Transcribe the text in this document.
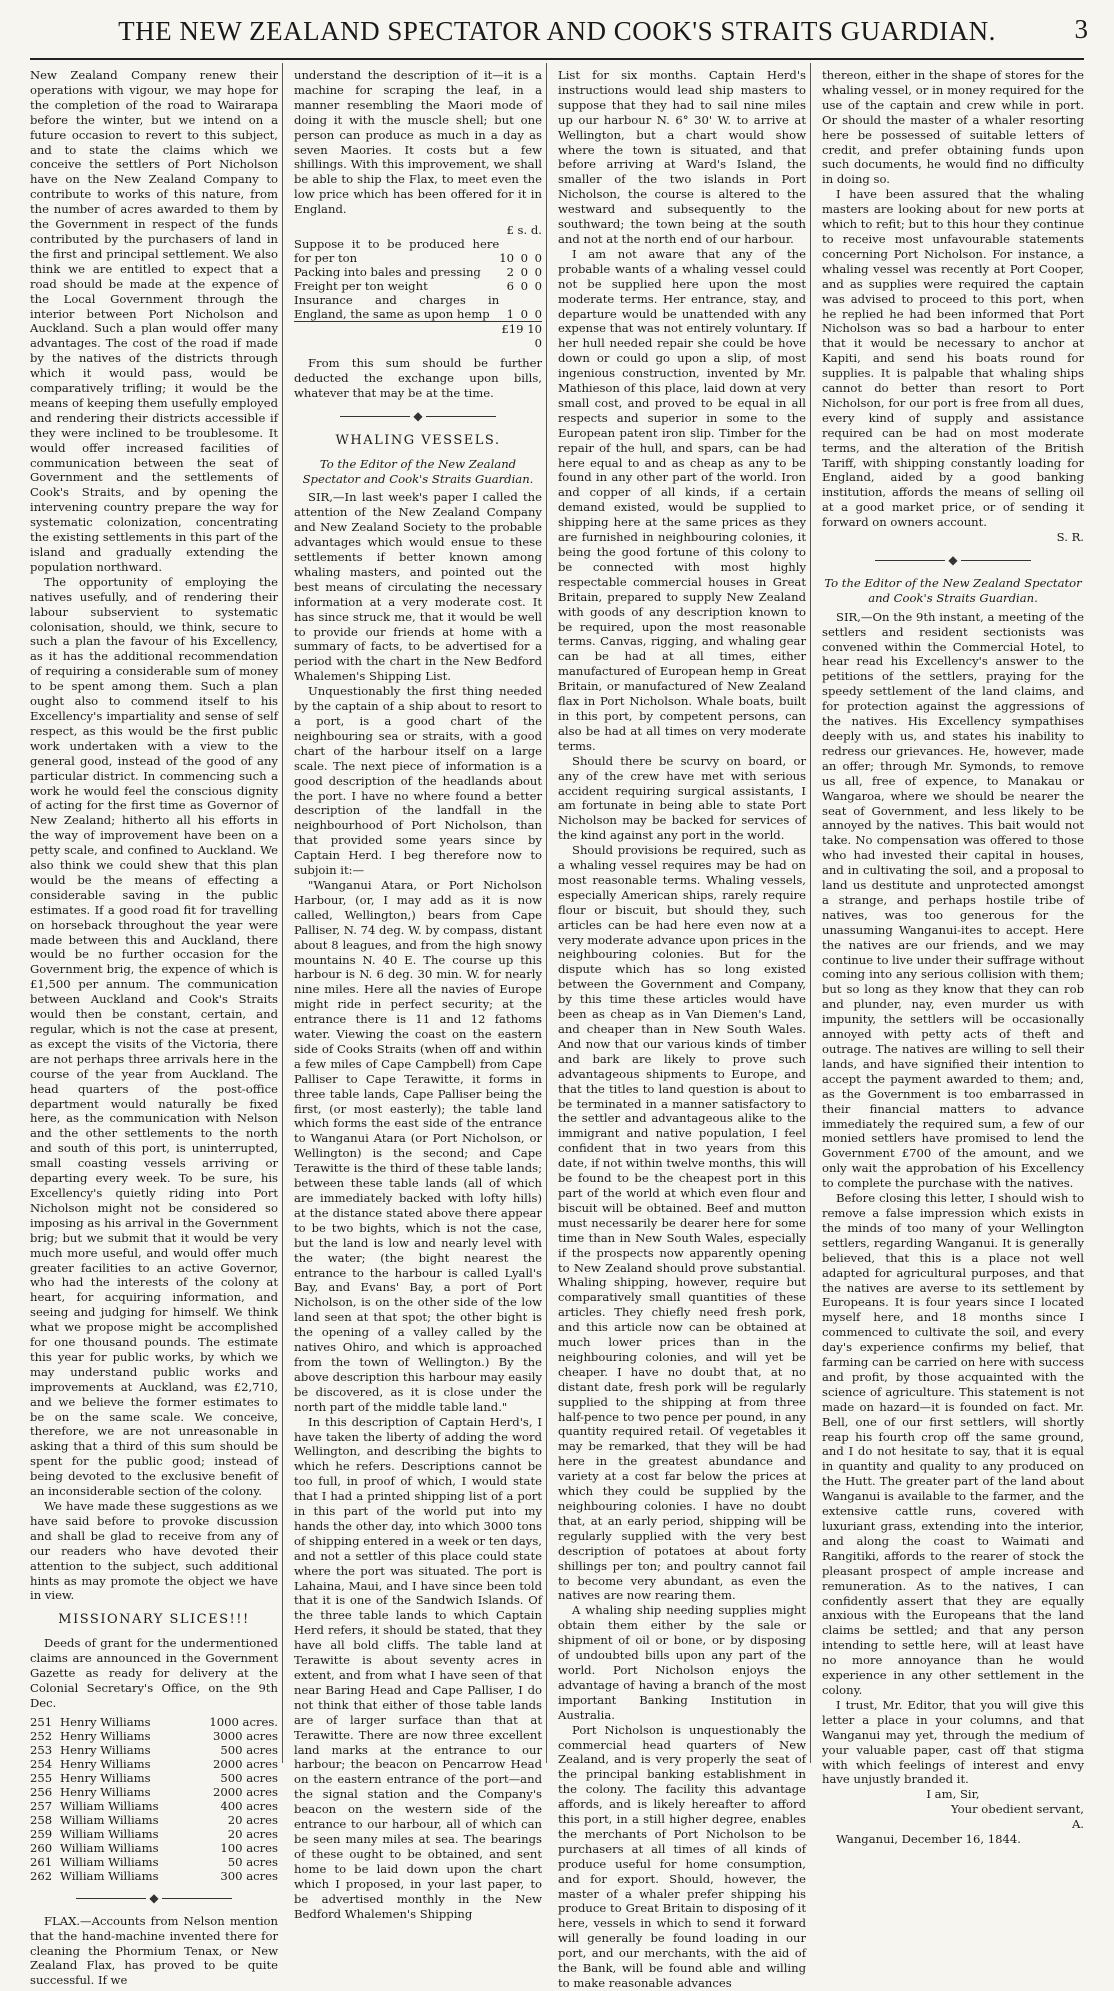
THE NEW ZEALAND SPECTATOR AND COOK'S STRAITS GUARDIAN.	3

New Zealand Company renew their operations with vigour, we may hope for the completion of the road to Wairarapa before the winter, but we intend on a future occasion to revert to this subject, and to state the claims which we conceive the settlers of Port Nicholson have on the New Zealand Company to contribute to works of this nature, from the number of acres awarded to them by the Government in respect of the funds contributed by the purchasers of land in the first and principal settlement. We also think we are entitled to expect that a road should be made at the expence of the Local Government through the interior between Port Nicholson and Auckland. Such a plan would offer many advantages. The cost of the road if made by the natives of the districts through which it would pass, would be comparatively trifling; it would be the means of keeping them usefully employed and rendering their districts accessible if they were inclined to be troublesome. It would offer increased facilities of communication between the seat of Government and the settlements of Cook's Straits, and by opening the intervening country prepare the way for systematic colonization, concentrating the existing settlements in this part of the island and gradually extending the population northward.

The opportunity of employing the natives usefully, and of rendering their labour subservient to systematic colonisation, should, we think, secure to such a plan the favour of his Excellency, as it has the additional recommendation of requiring a considerable sum of money to be spent among them. Such a plan ought also to commend itself to his Excellency's impartiality and sense of self respect, as this would be the first public work undertaken with a view to the general good, instead of the good of any particular district. In commencing such a work he would feel the conscious dignity of acting for the first time as Governor of New Zealand; hitherto all his efforts in the way of improvement have been on a petty scale, and confined to Auckland. We also think we could shew that this plan would be the means of effecting a considerable saving in the public estimates. If a good road fit for travelling on horseback throughout the year were made between this and Auckland, there would be no further occasion for the Government brig, the expence of which is £1,500 per annum. The communication between Auckland and Cook's Straits would then be constant, certain, and regular, which is not the case at present, as except the visits of the Victoria, there are not perhaps three arrivals here in the course of the year from Auckland. The head quarters of the post-office department would naturally be fixed here, as the communication with Nelson and the other settlements to the north and south of this port, is uninterrupted, small coasting vessels arriving or departing every week. To be sure, his Excellency's quietly riding into Port Nicholson might not be considered so imposing as his arrival in the Government brig; but we submit that it would be very much more useful, and would offer much greater facilities to an active Governor, who had the interests of the colony at heart, for acquiring information, and seeing and judging for himself. We think what we propose might be accomplished for one thousand pounds. The estimate this year for public works, by which we may understand public works and improvements at Auckland, was £2,710, and we believe the former estimates to be on the same scale. We conceive, therefore, we are not unreasonable in asking that a third of this sum should be spent for the public good; instead of being devoted to the exclusive benefit of an inconsiderable section of the colony.

We have made these suggestions as we have said before to provoke discussion and shall be glad to receive from any of our readers who have devoted their attention to the subject, such additional hints as may promote the object we have in view.

MISSIONARY SLICES!!!

Deeds of grant for the undermentioned claims are announced in the Government Gazette as ready for delivery at the Colonial Secretary's Office, on the 9th Dec.

251	Henry Williams	1000 acres.
252	Henry Williams	3000 acres
253	Henry Williams	500 acres
254	Henry Williams	2000 acres
255	Henry Williams	500 acres
256	Henry Williams	2000 acres
257	William Williams	400 acres
258	William Williams	20 acres
259	William Williams	20 acres
260	William Williams	100 acres
261	William Williams	50 acres
262	William Williams	300 acres
◆

FLAX.—Accounts from Nelson mention that the hand-machine invented there for cleaning the Phormium Tenax, or New Zealand Flax, has proved to be quite successful. If we

understand the description of it—it is a machine for scraping the leaf, in a manner resembling the Maori mode of doing it with the muscle shell; but one person can produce as much in a day as seven Maories. It costs but a few shillings. With this improvement, we shall be able to ship the Flax, to meet even the low price which has been offered for it in England.

	£ s. d.		
Suppose it to be produced here for per ton	10	0	0
Packing into bales and pressing	2	0	0
Freight per ton weight	6	0	0
Insurance and charges in England, the same as upon hemp	1	0	0
	£19 10 0		

From this sum should be further deducted the exchange upon bills, whatever that may be at the time.

◆
WHALING VESSELS.

To the Editor of the New Zealand Spectator and Cook's Straits Guardian.

SIR,—In last week's paper I called the attention of the New Zealand Company and New Zealand Society to the probable advantages which would ensue to these settlements if better known among whaling masters, and pointed out the best means of circulating the necessary information at a very moderate cost. It has since struck me, that it would be well to provide our friends at home with a summary of facts, to be advertised for a period with the chart in the New Bedford Whalemen's Shipping List.

Unquestionably the first thing needed by the captain of a ship about to resort to a port, is a good chart of the neighbouring sea or straits, with a good chart of the harbour itself on a large scale. The next piece of information is a good description of the headlands about the port. I have no where found a better description of the landfall in the neighbourhood of Port Nicholson, than that provided some years since by Captain Herd. I beg therefore now to subjoin it:—

"Wanganui Atara, or Port Nicholson Harbour, (or, I may add as it is now called, Wellington,) bears from Cape Palliser, N. 74 deg. W. by compass, distant about 8 leagues, and from the high snowy mountains N. 40 E. The course up this harbour is N. 6 deg. 30 min. W. for nearly nine miles. Here all the navies of Europe might ride in perfect security; at the entrance there is 11 and 12 fathoms water. Viewing the coast on the eastern side of Cooks Straits (when off and within a few miles of Cape Campbell) from Cape Palliser to Cape Terawitte, it forms in three table lands, Cape Palliser being the first, (or most easterly); the table land which forms the east side of the entrance to Wanganui Atara (or Port Nicholson, or Wellington) is the second; and Cape Terawitte is the third of these table lands; between these table lands (all of which are immediately backed with lofty hills) at the distance stated above there appear to be two bights, which is not the case, but the land is low and nearly level with the water; (the bight nearest the entrance to the harbour is called Lyall's Bay, and Evans' Bay, a port of Port Nicholson, is on the other side of the low land seen at that spot; the other bight is the opening of a valley called by the natives Ohiro, and which is approached from the town of Wellington.) By the above description this harbour may easily be discovered, as it is close under the north part of the middle table land."

In this description of Captain Herd's, I have taken the liberty of adding the word Wellington, and describing the bights to which he refers. Descriptions cannot be too full, in proof of which, I would state that I had a printed shipping list of a port in this part of the world put into my hands the other day, into which 3000 tons of shipping entered in a week or ten days, and not a settler of this place could state where the port was situated. The port is Lahaina, Maui, and I have since been told that it is one of the Sandwich Islands. Of the three table lands to which Captain Herd refers, it should be stated, that they have all bold cliffs. The table land at Terawitte is about seventy acres in extent, and from what I have seen of that near Baring Head and Cape Palliser, I do not think that either of those table lands are of larger surface than that at Terawitte. There are now three excellent land marks at the entrance to our harbour; the beacon on Pencarrow Head on the eastern entrance of the port—and the signal station and the Company's beacon on the western side of the entrance to our harbour, all of which can be seen many miles at sea. The bearings of these ought to be obtained, and sent home to be laid down upon the chart which I proposed, in your last paper, to be advertised monthly in the New Bedford Whalemen's Shipping

List for six months. Captain Herd's instructions would lead ship masters to suppose that they had to sail nine miles up our harbour N. 6° 30' W. to arrive at Wellington, but a chart would show where the town is situated, and that before arriving at Ward's Island, the smaller of the two islands in Port Nicholson, the course is altered to the westward and subsequently to the southward; the town being at the south and not at the north end of our harbour.

I am not aware that any of the probable wants of a whaling vessel could not be supplied here upon the most moderate terms. Her entrance, stay, and departure would be unattended with any expense that was not entirely voluntary. If her hull needed repair she could be hove down or could go upon a slip, of most ingenious construction, invented by Mr. Mathieson of this place, laid down at very small cost, and proved to be equal in all respects and superior in some to the European patent iron slip. Timber for the repair of the hull, and spars, can be had here equal to and as cheap as any to be found in any other part of the world. Iron and copper of all kinds, if a certain demand existed, would be supplied to shipping here at the same prices as they are furnished in neighbouring colonies, it being the good fortune of this colony to be connected with most highly respectable commercial houses in Great Britain, prepared to supply New Zealand with goods of any description known to be required, upon the most reasonable terms. Canvas, rigging, and whaling gear can be had at all times, either manufactured of European hemp in Great Britain, or manufactured of New Zealand flax in Port Nicholson. Whale boats, built in this port, by competent persons, can also be had at all times on very moderate terms.

Should there be scurvy on board, or any of the crew have met with serious accident requiring surgical assistants, I am fortunate in being able to state Port Nicholson may be backed for services of the kind against any port in the world.

Should provisions be required, such as a whaling vessel requires may be had on most reasonable terms. Whaling vessels, especially American ships, rarely require flour or biscuit, but should they, such articles can be had here even now at a very moderate advance upon prices in the neighbouring colonies. But for the dispute which has so long existed between the Government and Company, by this time these articles would have been as cheap as in Van Diemen's Land, and cheaper than in New South Wales. And now that our various kinds of timber and bark are likely to prove such advantageous shipments to Europe, and that the titles to land question is about to be terminated in a manner satisfactory to the settler and advantageous alike to the immigrant and native population, I feel confident that in two years from this date, if not within twelve months, this will be found to be the cheapest port in this part of the world at which even flour and biscuit will be obtained. Beef and mutton must necessarily be dearer here for some time than in New South Wales, especially if the prospects now apparently opening to New Zealand should prove substantial. Whaling shipping, however, require but comparatively small quantities of these articles. They chiefly need fresh pork, and this article now can be obtained at much lower prices than in the neighbouring colonies, and will yet be cheaper. I have no doubt that, at no distant date, fresh pork will be regularly supplied to the shipping at from three half-pence to two pence per pound, in any quantity required retail. Of vegetables it may be remarked, that they will be had here in the greatest abundance and variety at a cost far below the prices at which they could be supplied by the neighbouring colonies. I have no doubt that, at an early period, shipping will be regularly supplied with the very best description of potatoes at about forty shillings per ton; and poultry cannot fail to become very abundant, as even the natives are now rearing them.

A whaling ship needing supplies might obtain them either by the sale or shipment of oil or bone, or by disposing of undoubted bills upon any part of the world. Port Nicholson enjoys the advantage of having a branch of the most important Banking Institution in Australia.

Port Nicholson is unquestionably the commercial head quarters of New Zealand, and is very properly the seat of the principal banking establishment in the colony. The facility this advantage affords, and is likely hereafter to afford this port, in a still higher degree, enables the merchants of Port Nicholson to be purchasers at all times of all kinds of produce useful for home consumption, and for export. Should, however, the master of a whaler prefer shipping his produce to Great Britain to disposing of it here, vessels in which to send it forward will generally be found loading in our port, and our merchants, with the aid of the Bank, will be found able and willing to make reasonable advances

thereon, either in the shape of stores for the whaling vessel, or in money required for the use of the captain and crew while in port. Or should the master of a whaler resorting here be possessed of suitable letters of credit, and prefer obtaining funds upon such documents, he would find no difficulty in doing so.

I have been assured that the whaling masters are looking about for new ports at which to refit; but to this hour they continue to receive most unfavourable statements concerning Port Nicholson. For instance, a whaling vessel was recently at Port Cooper, and as supplies were required the captain was advised to proceed to this port, when he replied he had been informed that Port Nicholson was so bad a harbour to enter that it would be necessary to anchor at Kapiti, and send his boats round for supplies. It is palpable that whaling ships cannot do better than resort to Port Nicholson, for our port is free from all dues, every kind of supply and assistance required can be had on most moderate terms, and the alteration of the British Tariff, with shipping constantly loading for England, aided by a good banking institution, affords the means of selling oil at a good market price, or of sending it forward on owners account.

S. R.

◆

To the Editor of the New Zealand Spectator and Cook's Straits Guardian.

SIR,—On the 9th instant, a meeting of the settlers and resident sectionists was convened within the Commercial Hotel, to hear read his Excellency's answer to the petitions of the settlers, praying for the speedy settlement of the land claims, and for protection against the aggressions of the natives. His Excellency sympathises deeply with us, and states his inability to redress our grievances. He, however, made an offer; through Mr. Symonds, to remove us all, free of expence, to Manakau or Wangaroa, where we should be nearer the seat of Government, and less likely to be annoyed by the natives. This bait would not take. No compensation was offered to those who had invested their capital in houses, and in cultivating the soil, and a proposal to land us destitute and unprotected amongst a strange, and perhaps hostile tribe of natives, was too generous for the unassuming Wanganui-ites to accept. Here the natives are our friends, and we may continue to live under their suffrage without coming into any serious collision with them; but so long as they know that they can rob and plunder, nay, even murder us with impunity, the settlers will be occasionally annoyed with petty acts of theft and outrage. The natives are willing to sell their lands, and have signified their intention to accept the payment awarded to them; and, as the Government is too embarrassed in their financial matters to advance immediately the required sum, a few of our monied settlers have promised to lend the Government £700 of the amount, and we only wait the approbation of his Excellency to complete the purchase with the natives.

Before closing this letter, I should wish to remove a false impression which exists in the minds of too many of your Wellington settlers, regarding Wanganui. It is generally believed, that this is a place not well adapted for agricultural purposes, and that the natives are averse to its settlement by Europeans. It is four years since I located myself here, and 18 months since I commenced to cultivate the soil, and every day's experience confirms my belief, that farming can be carried on here with success and profit, by those acquainted with the science of agriculture. This statement is not made on hazard—it is founded on fact. Mr. Bell, one of our first settlers, will shortly reap his fourth crop off the same ground, and I do not hesitate to say, that it is equal in quantity and quality to any produced on the Hutt. The greater part of the land about Wanganui is available to the farmer, and the extensive cattle runs, covered with luxuriant grass, extending into the interior, and along the coast to Waimati and Rangitiki, affords to the rearer of stock the pleasant prospect of ample increase and remuneration. As to the natives, I can confidently assert that they are equally anxious with the Europeans that the land claims be settled; and that any person intending to settle here, will at least have no more annoyance than he would experience in any other settlement in the colony.

I trust, Mr. Editor, that you will give this letter a place in your columns, and that Wanganui may yet, through the medium of your valuable paper, cast off that stigma with which feelings of interest and envy have unjustly branded it.

I am, Sir,

Your obedient servant,

A.

Wanganui, December 16, 1844.
